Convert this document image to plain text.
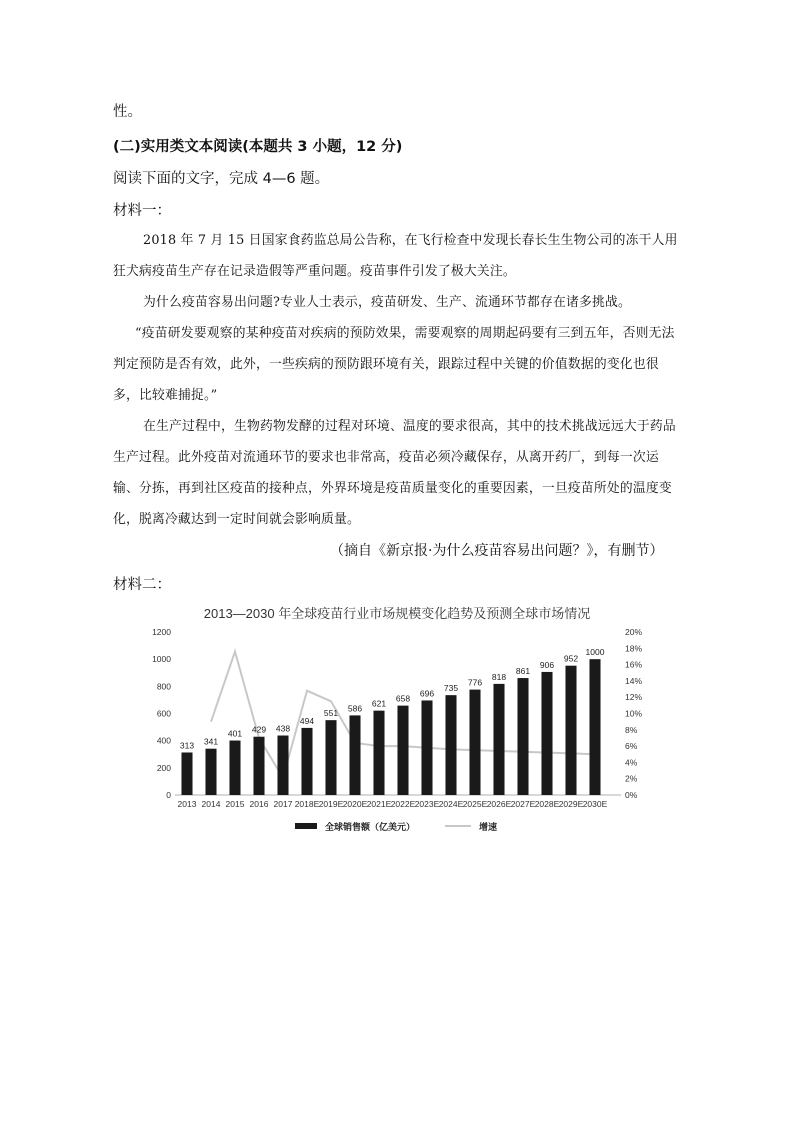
性。
(二)实用类文本阅读(本题共 3 小题，12 分)
阅读下面的文字，完成 4—6 题。
材料一：
2018 年 7 月 15 日国家食药监总局公告称，在飞行检查中发现长春长生生物公司的冻干人用狂犬病疫苗生产存在记录造假等严重问题。疫苗事件引发了极大关注。
为什么疫苗容易出问题?专业人士表示，疫苗研发、生产、流通环节都存在诸多挑战。
“疫苗研发要观察的某种疫苗对疾病的预防效果，需要观察的周期起码要有三到五年，否则无法判定预防是否有效，此外，一些疾病的预防跟环境有关，跟踪过程中关键的价值数据的变化也很多，比较难捕捉。”
在生产过程中，生物药物发酵的过程对环境、温度的要求很高，其中的技术挑战远远大于药品生产过程。此外疫苗对流通环节的要求也非常高，疫苗必须冷藏保存，从离开药厂，到每一次运输、分拣，再到社区疫苗的接种点，外界环境是疫苗质量变化的重要因素，一旦疫苗所处的温度变化，脱离冷藏达到一定时间就会影响质量。
（摘自《新京报·为什么疫苗容易出问题？》，有删节）
材料二：
2013—2030 年全球疫苗行业市场规模变化趋势及预测全球市场情况
0
200
400
600
800
1000
1200
0%
2%
4%
6%
8%
10%
12%
14%
16%
18%
20%
313
2013
341
2014
401
2015
429
2016
438
2017
494
2018E
551
2019E
586
2020E
621
2021E
658
2022E
696
2023E
735
2024E
776
2025E
818
2026E
861
2027E
906
2028E
952
2029E
1000
2030E
全球销售额（亿美元）	增速
